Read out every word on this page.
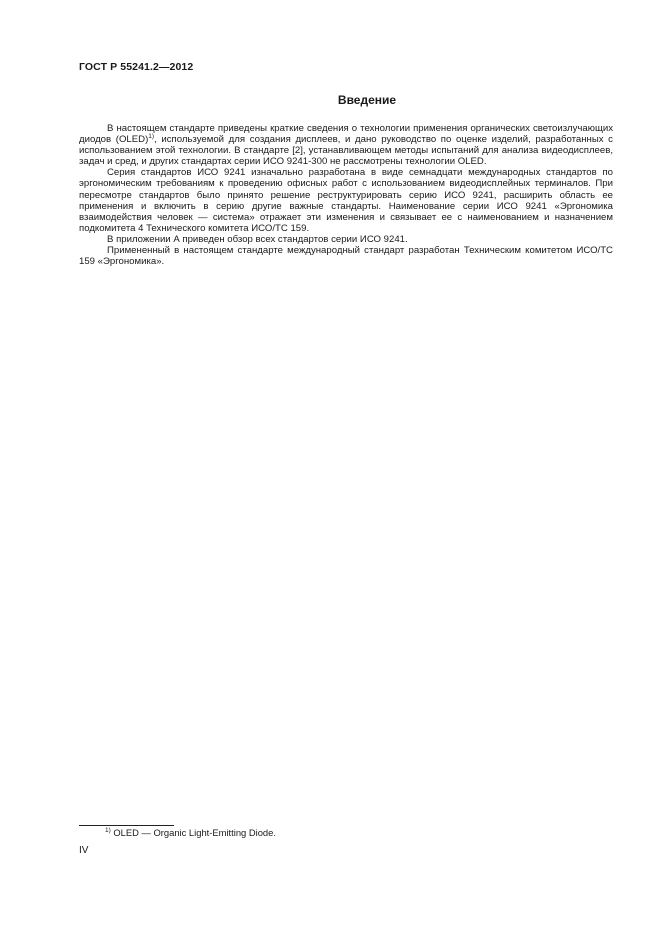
ГОСТ Р 55241.2—2012
Введение

В настоящем стандарте приведены краткие сведения о технологии применения органических светоизлучающих диодов (OLED)$^{1)}$, используемой для создания дисплеев, и дано руководство по оценке изделий, разработанных с использованием этой технологии. В стандарте [2], устанавливающем методы испытаний для анализа видеодисплеев, задач и сред, и других стандартах серии ИСО 9241-300 не рассмотрены технологии OLED.

Серия стандартов ИСО 9241 изначально разработана в виде семнадцати международных стандартов по эргономическим требованиям к проведению офисных работ с использованием видеодисплейных терминалов. При пересмотре стандартов было принято решение реструктурировать серию ИСО 9241, расширить область ее применения и включить в серию другие важные стандарты. Наименование серии ИСО 9241 «Эргономика взаимодействия человек — система» отражает эти изменения и связывает ее с наименованием и назначением подкомитета 4 Технического комитета ИСО/ТС 159.

В приложении А приведен обзор всех стандартов серии ИСО 9241.

Примененный в настоящем стандарте международный стандарт разработан Техническим комитетом ИСО/ТС 159 «Эргономика».

$^{1)}$ OLED — Organic Light-Emitting Diode.
IV
